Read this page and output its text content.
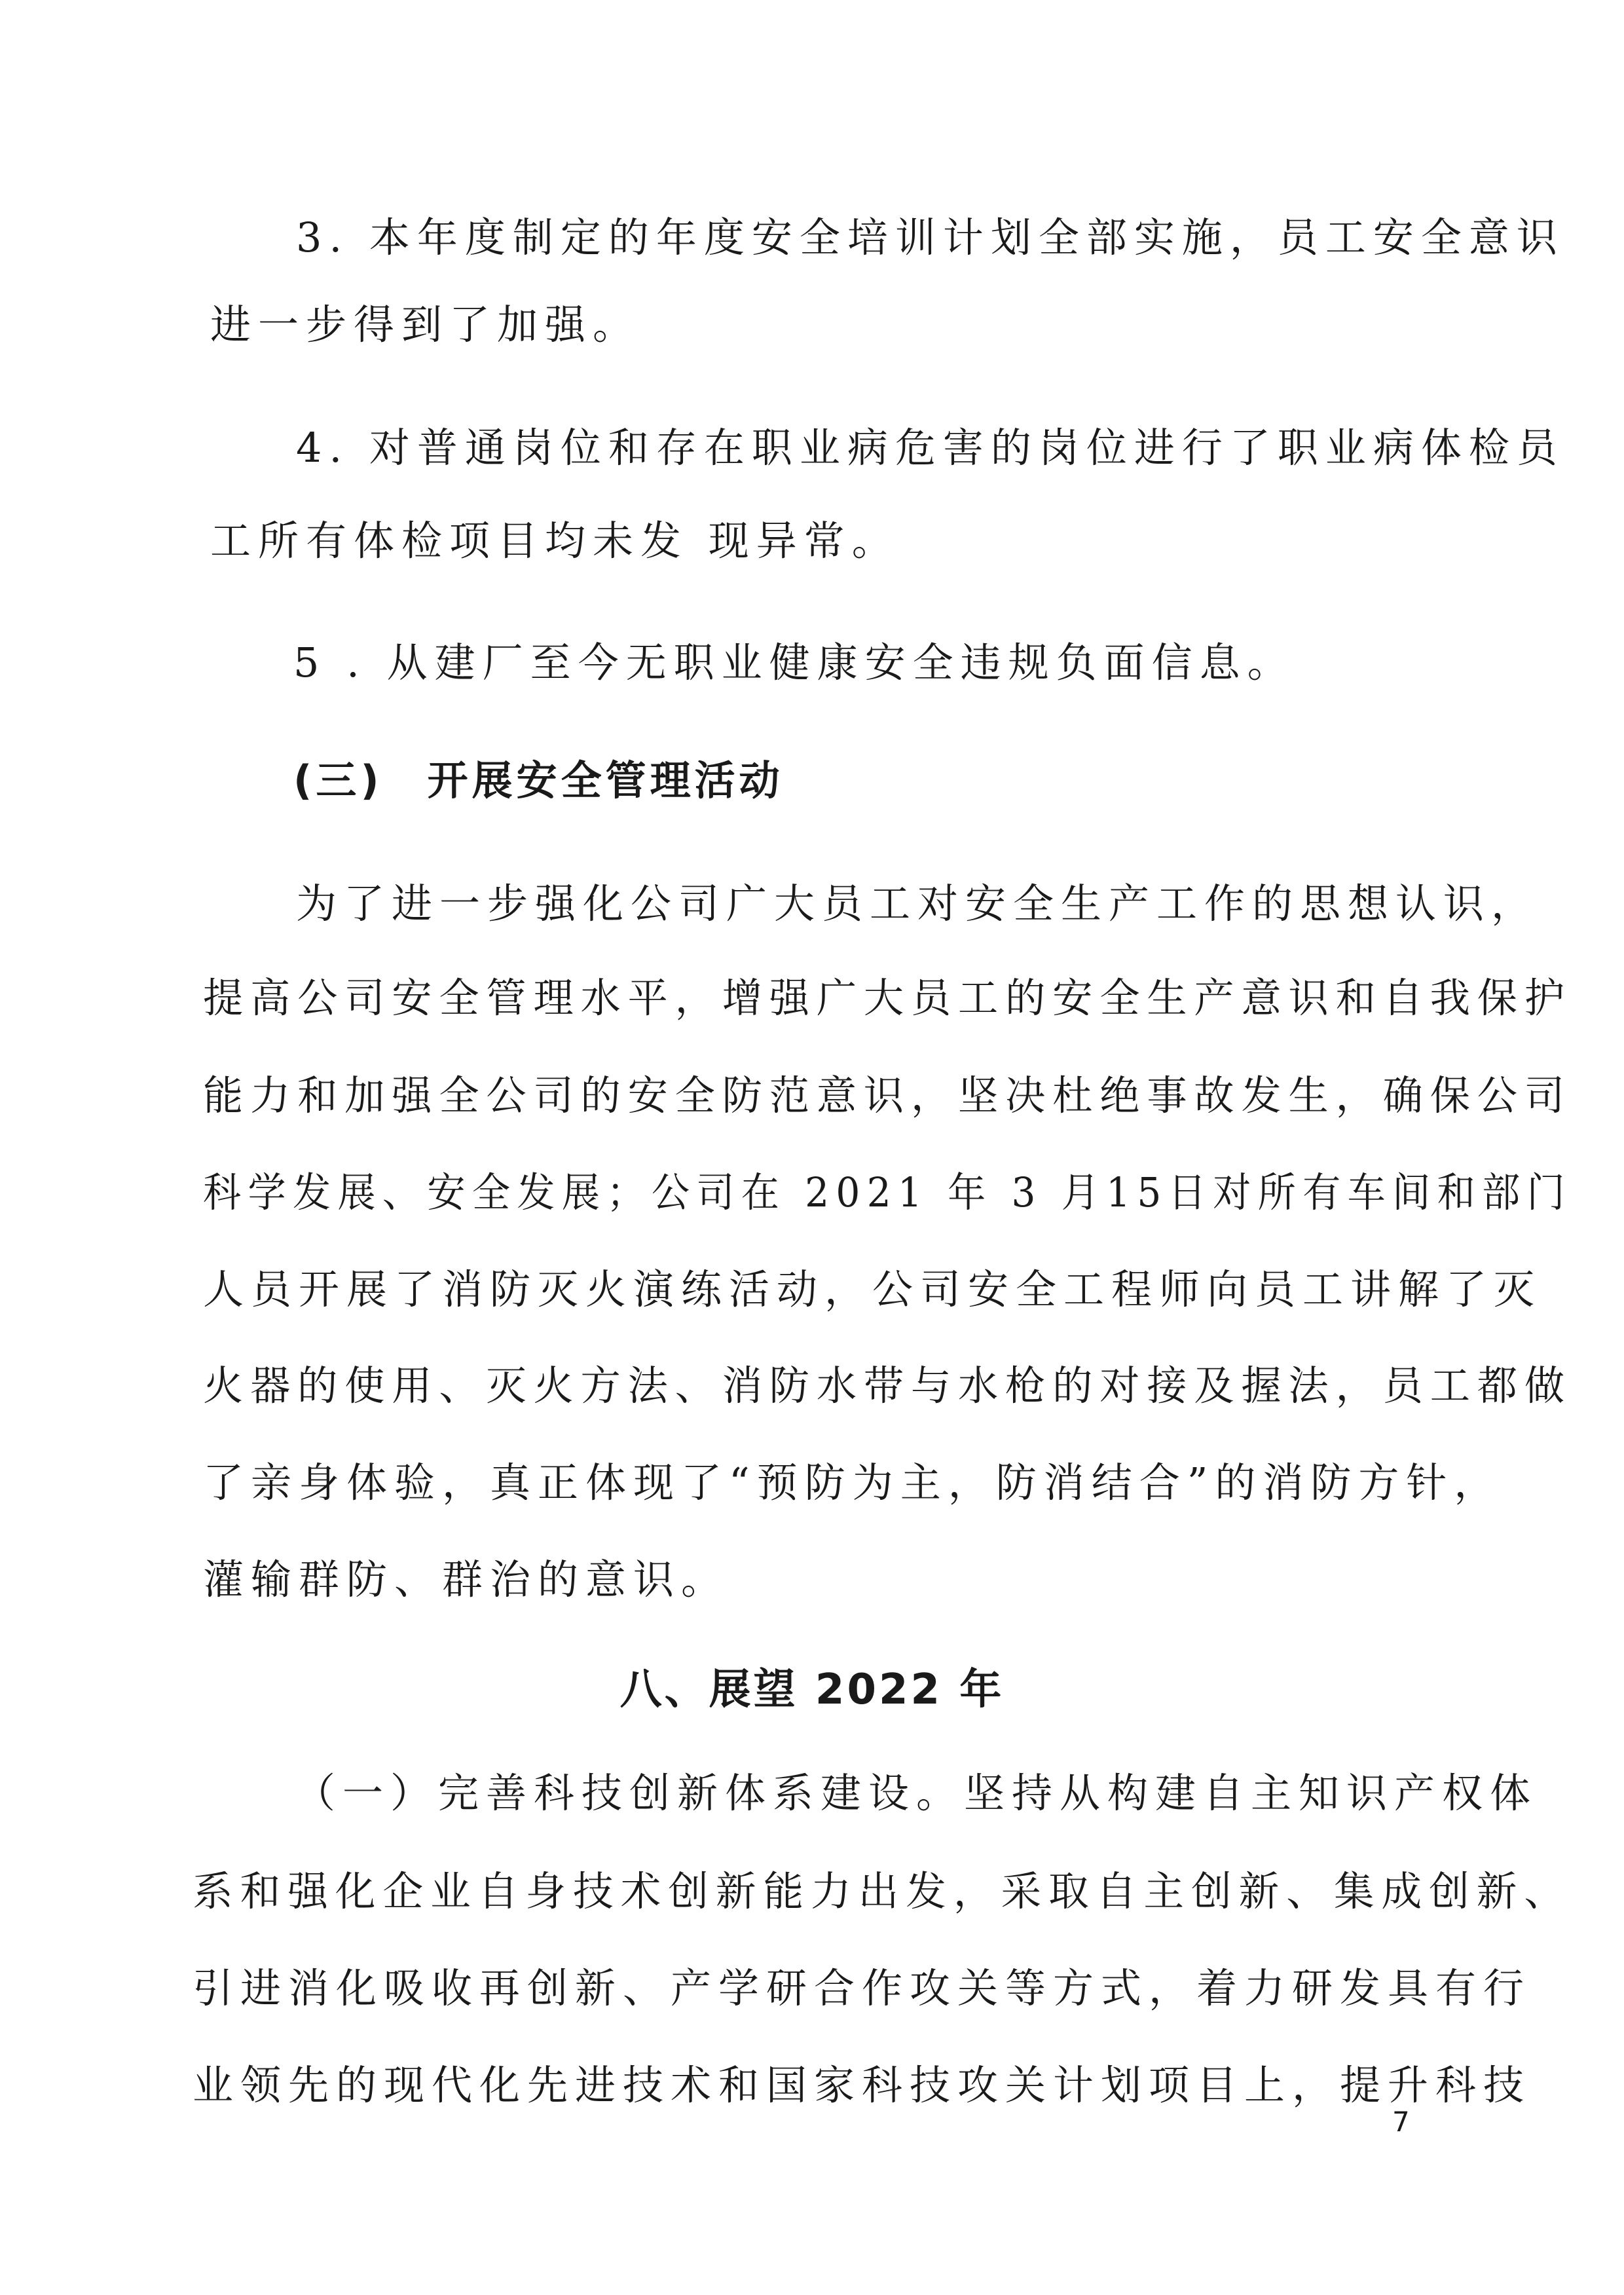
3. 本年度制定的年度安全培训计划全部实施，员工安全意识
进一步得到了加强。
4. 对普通岗位和存在职业病危害的岗位进行了职业病体检员
工所有体检项目均未发 现异常。
5 . 从建厂至今无职业健康安全违规负面信息。
(三)　开展安全管理活动
为了进一步强化公司广大员工对安全生产工作的思想认识，
提高公司安全管理水平，增强广大员工的安全生产意识和自我保护
能力和加强全公司的安全防范意识，坚决杜绝事故发生，确保公司
科学发展、安全发展；公司在 2021 年 3 月15日对所有车间和部门
人员开展了消防灭火演练活动，公司安全工程师向员工讲解了灭
火器的使用、灭火方法、消防水带与水枪的对接及握法，员工都做
了亲身体验，真正体现了“预防为主，防消结合”的消防方针，
灌输群防、群治的意识。
八、展望 2022 年
（一）完善科技创新体系建设。坚持从构建自主知识产权体
系和强化企业自身技术创新能力出发，采取自主创新、集成创新、
引进消化吸收再创新、产学研合作攻关等方式，着力研发具有行
业领先的现代化先进技术和国家科技攻关计划项目上，提升科技
7
